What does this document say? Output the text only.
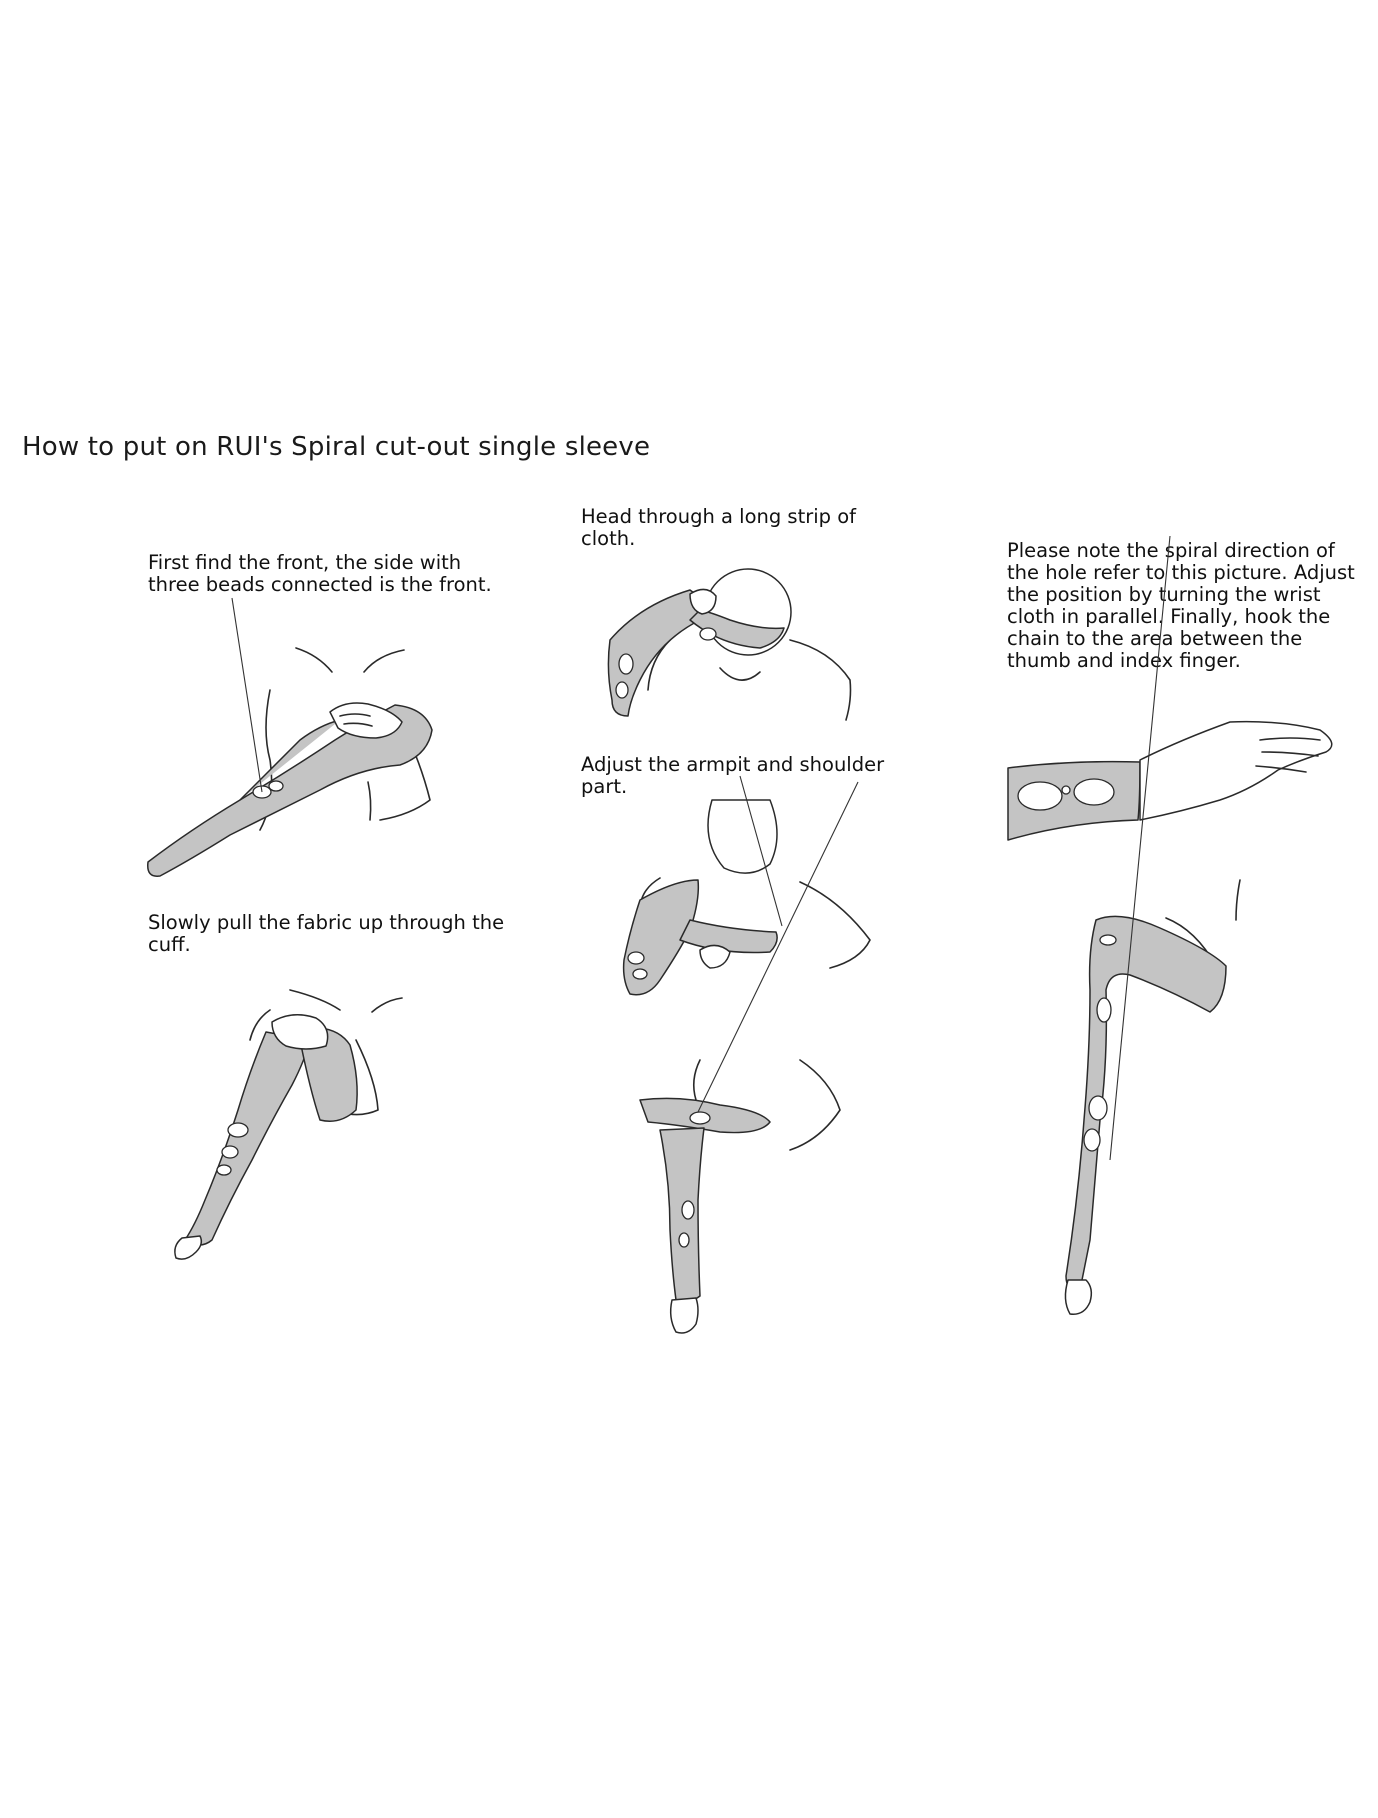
How to put on RUI's Spiral cut-out single sleeve
First find the front, the side with three beads connected is the front.
Slowly pull the fabric up through the cuff.
Head through a long strip of cloth.
Adjust the armpit and shoulder part.
Please note the spiral direction of the hole refer to this picture. Adjust the position by turning the wrist cloth in parallel. Finally, hook the chain to the area between the thumb and index finger.
